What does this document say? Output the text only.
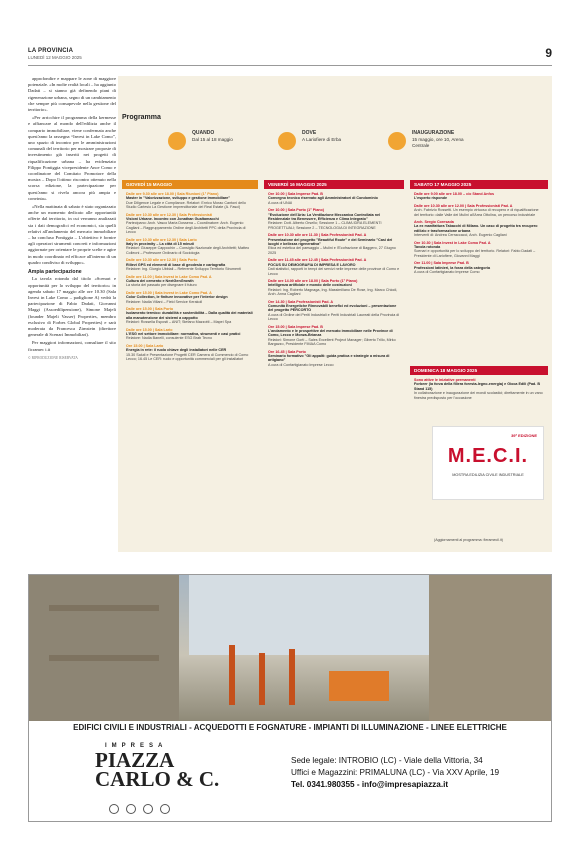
LA PROVINCIA
LUNEDÌ 12 MAGGIO 2025	9

approfondire e mappare le zone di maggiore potenziale. «In molte realtà locali – ha aggiunto Dadati – si stanno già definendo piani di rigenerazione urbana, segno di un cambiamento che sempre più consapevole nella gestione del territorio».

«Per arricchire il programma della kermesse e affiancare al mondo dell'edilizia anche il comparto immobiliare, viene confermata anche quest'anno la rassegna “Invest in Lake Como”, uno spazio di incontro per le amministrazioni comunali del territorio per mostrare proposte di investimento già inseriti nei progetti di riqualificazione urbana – ha evidenziato Filippo Pontiggia vicepresidente Ance Como e coordinatore del Comitato Promotore della mostra – Dopo l'ottimo riscontro ottenuto nella scorsa edizione, la partecipazione per quest'anno si rivela ancora più ampia e convinta».

«Nella mattinata di sabato è stato organizzato anche un momento dedicato alle opportunità offerte dal territorio, in cui verranno analizzati sia i dati demografici ed economici, sia quelli relativi all'andamento del mercato immobiliare – ha concluso Pontiggia – L'obiettivo è fornire agli operatori strumenti concreti e informazioni aggiornate per orientare le proprie scelte e agire in modo coordinato ed efficace all'interno di un quadro condiviso di sviluppo».

Ampia partecipazione

La tavola rotonda dal titolo «Scenari e opportunità per lo sviluppo del territorio» in agenda sabato 17 maggio alle ore 10.30 (Sala Invest in Lake Como – padiglione A) vedrà la partecipazione di Fabio Dadati, Giovanni Maggi (Assoedilipensione), Simone Majeli (founder Majeli Vasser) Properties, membro esclusivo di Forbes Global Properties) e sarà moderata da Francesca Zirnstein (direttore generale di Scenari Immobiliari).

Per maggiori informazioni, consultare il sito ficramec i.it

© RIPRODUZIONE RISERVATA

Programma
QUANDO
Dal 15 al 18 maggio
DOVE
A Lariofiere di Erba
INAUGURAZIONE
15 maggio, ore 10, Arena Centrale
GIOVEDÌ 15 MAGGIO
Dalle ore 9.30 alle ore 18.00 | Sala Riunioni (1° Piano)
Master in "Valorizzazione, sviluppo e gestione immobiliare"
Due Diligence Legale e Compliance. Relatori: Enrico Morao Cantoni dello Studio Carlesio La Gestione Imprenditoriale del Real Estate (A. Fasci)
Dalle ore 10.30 alle ore 12.30 | Sala Professionisti
Visioni Urbane. Incontro con Jonathan Gualtamacchi
Partecipano: Arch. Vasco Maria Dossena – Coordinatore: Arch. Eugenio Cagliani – Raggruppamento Ordine degli Architetti PPC della Provincia di Lecco
Dalle ore 10.30 alle ore 12.30 | Sala Lario
Italy in proximity – La città di 15 minuti
Relatori: Giuseppe Cappochin – Consiglio Nazionale degli Architetti; Matteo Colleoni – Professore Ordinario di Sociologia
Dalle ore 10.30 alle ore 12.30 | Sala Porto
Rilievi GPS ed elementi di base di geodesia e cartografia
Relatore: Ing. Giorgio Ubbiali – Referente Sviluppo Territorio Strumenti
Dalle ore 11.00 | Sala Invest in Lake Como Pad. A
Cultura dei cemento e NextGenGrowth
La storia del passato per disegnare il futuro
Dalle ore 15.00 | Sala Invest in Lake Como Pad. A
Color Collection, le finiture innovative per l'interior design
Relatore: Nadia Villani – Field Service Kerakoll
Dalle ore 15.00 | Sala Porto
Isolamento termico: durabilità e sostenibilità – Dalla qualità dei materiali alla manutenzione dei sistemi a cappotto
Relatori: Rossella Esposti – ANIT; Stefano Mazzotti – Mapei Spa
Dalle ore 15.00 | Sala Lario
L'ESG nel settore immobiliare: normativa, strumenti e casi pratici
Relatore: Nadia Banelli, consulente ESG Brab Tecno
Ore 15.00 | Sala Lario
Energia in rete: il ruolo chiave degli installatori nelle CER
15.30 Saluti e Presentazione Progetti CER Camera di Commercio di Como Lecco; 16.45 Le CER: ruolo e opportunità commerciali per gli installatori
VENERDÌ 16 MAGGIO 2025
Ore 10.00 | Sala Imprese Pad. B
Convegno tecnico riservato agli Amministratori di Condominio
A cura di UNAI
Ore 10.00 | Sala Porto (1° Piano)
"Evoluzione dell'Aria: La Ventilazione Meccanica Controllata nel Residenziale tra Benessere, Efficienza e Clima Integrato"
Relatore: Dott. Alberto Orsello; Sessione 1 – CLIMA IDRA ELEMENTI PROGETTUALI; Sessione 2 – TECNOLOGIA DI INTEGRAZIONE
Dalle ore 10.30 alle ore 11.30 | Sala Professionisti Pad. A
Presentazione del progetto "Beautiful Route" e del Seminario "Casi dei luoghi e bellezza rigenerativa"
Etica ed estetica del paesaggio – Mulini e l'Ecofrazione di Baggero, 27 Giugno 2025
Dalle ore 11.45 alle ore 12.45 | Sala Professionisti Pad. A
FOCUS SU DEMOGRAFIA DI IMPRESA E LAVORO
Dati statistici, rapporti in tempi dei servizi nelle imprese delle province di Como e Lecco
Dalle ore 14.00 alle ore 18.00 | Sala Porto (1° Piano)
Intelligenza artificiale e mondo delle costruzioni
Relatori: Ing. Roberto Magnaga, Ing. Massimiliano De Rose, Ing. Marco Chiodi, Arch. Anna Cagliani
Ore 14.30 | Sala Professionisti Pad. A
Comunità Energetiche Rinnovabili benefici ed evoluzioni – presentazione del progetto PERCORTO
A cura di Ordine dei Periti Industriali e Periti Industriali Laureati della Provincia di Lecco
Ore 15.00 | Sala Imprese Pad. B
L'andamento e le prospettive del mercato immobiliare nelle Province di Como, Lecco e Monza-Brianza
Relatori: Simone Gorti – Sales Excellent Project Manager; Giberto Trillo, Mirko Bargazzo, Presidente FIMAA Como
Ore 16.45 | Sala Porto
Seminario formativo "Gli appalti: guida pratica e strategie a misura di artigiano"
A cura di Confartigianato Imprese Lecco
SABATO 17 MAGGIO 2025
Dalle ore 9.00 alle ore 18.00 – c/o Stand Anfos
L'esperto risponde
Dalle ore 10.30 alle ore 12.00 | Sala Professionisti Pad. A
Arch. Fabrizio Rossetti. Un esempio virtuoso di recupero e di riqualificazione del territorio: dalle Valle dei Mulini all'Area Ottolina, un percorso industriale
Arch. Sergio Coresada
La ex manifattura Tabacchi di Milano. Un caso di progetto tra recupero edilizio e trasformazione urbana
Interventi di: Andrea Cerraccacci, Arch. Eugenio Cagliani
Ore 10.30 | Sala Invest in Lake Como Pad. A
Tavola rotonda
Scenari e opportunità per lo sviluppo del territorio. Relatori: Fabio Dadati – Presidente di Lariofiere, Giovanni Maggi
Ore 11.00 | Sala Imprese Pad. B
Professioni latinieri, la forza della categoria
A cura di Confartigianato Imprese Como
DOMENICA 18 MAGGIO 2025
Sono attive le iniziative permanenti
Forbeer (la forza della filiera foresta-legno-energia) e Gioca Edili (Pad. B Stand 115)
In collaborazione e inaugurazione dei mondi scolastici; direttamente in un vano finestra predisposto per l'occasione
39ª EDIZIONE
M.E.C.I.
MOSTRA EDILIZIA CIVILE INDUSTRIALE
(Aggiornamenti al programma: fieramecil.it)
EDIFICI CIVILI E INDUSTRIALI - ACQUEDOTTI E FOGNATURE - IMPIANTI DI ILLUMINAZIONE - LINEE ELETTRICHE
IMPRESA
PIAZZA
CARLO & C.

Sede legale: INTROBIO (LC) - Viale della Vittoria, 34
Uffici e Magazzini: PRIMALUNA (LC) - Via XXV Aprile, 19
Tel. 0341.980355 - info@impresapiazza.it
